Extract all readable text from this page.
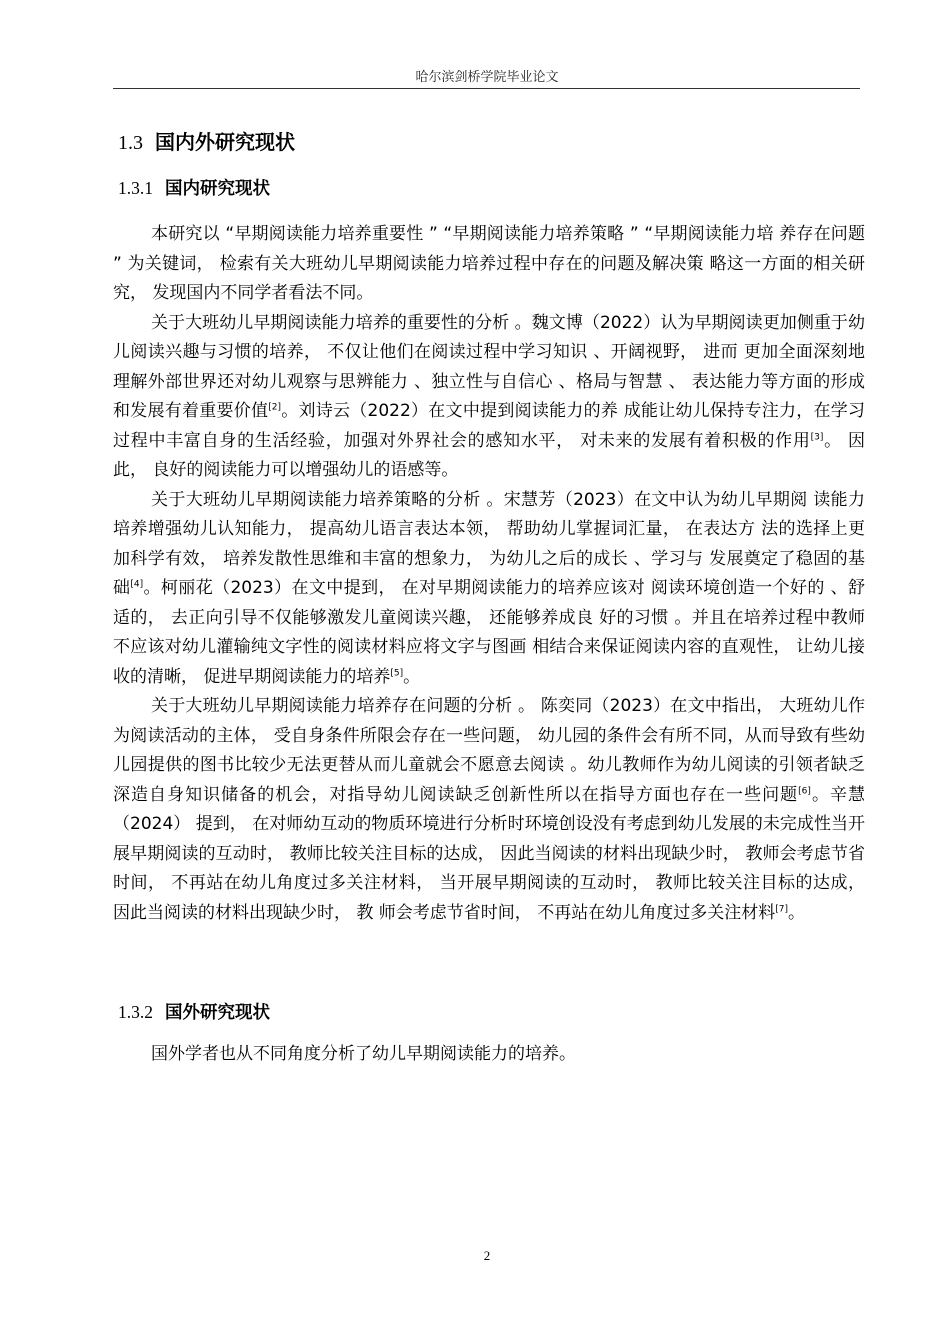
哈尔滨剑桥学院毕业论文
1.3 国内外研究现状
1.3.1 国内研究现状

本研究以 “早期阅读能力培养重要性 ” “早期阅读能力培养策略 ” “早期阅读能力培 养存在问题 ” 为关键词， 检索有关大班幼儿早期阅读能力培养过程中存在的问题及解决策 略这一方面的相关研究， 发现国内不同学者看法不同。

关于大班幼儿早期阅读能力培养的重要性的分析 。魏文博（2022）认为早期阅读更加侧重于幼儿阅读兴趣与习惯的培养， 不仅让他们在阅读过程中学习知识 、开阔视野， 进而 更加全面深刻地理解外部世界还对幼儿观察与思辨能力 、独立性与自信心 、格局与智慧 、 表达能力等方面的形成和发展有着重要价值[2]。刘诗云（2022）在文中提到阅读能力的养 成能让幼儿保持专注力，在学习过程中丰富自身的生活经验，加强对外界社会的感知水平， 对未来的发展有着积极的作用[3]。 因此， 良好的阅读能力可以增强幼儿的语感等。

关于大班幼儿早期阅读能力培养策略的分析 。宋慧芳（2023）在文中认为幼儿早期阅 读能力培养增强幼儿认知能力， 提高幼儿语言表达本领， 帮助幼儿掌握词汇量， 在表达方 法的选择上更加科学有效， 培养发散性思维和丰富的想象力， 为幼儿之后的成长 、学习与 发展奠定了稳固的基础[4]。柯丽花（2023）在文中提到， 在对早期阅读能力的培养应该对 阅读环境创造一个好的 、舒适的， 去正向引导不仅能够激发儿童阅读兴趣， 还能够养成良 好的习惯 。并且在培养过程中教师不应该对幼儿灌输纯文字性的阅读材料应将文字与图画 相结合来保证阅读内容的直观性， 让幼儿接收的清晰， 促进早期阅读能力的培养[5]。

关于大班幼儿早期阅读能力培养存在问题的分析 。 陈奕同（2023）在文中指出， 大班幼儿作为阅读活动的主体， 受自身条件所限会存在一些问题， 幼儿园的条件会有所不同，从而导致有些幼儿园提供的图书比较少无法更替从而儿童就会不愿意去阅读 。幼儿教师作为幼儿阅读的引领者缺乏深造自身知识储备的机会，对指导幼儿阅读缺乏创新性所以在指导方面也存在一些问题[6]。辛慧（2024） 提到， 在对师幼互动的物质环境进行分析时环境创设没有考虑到幼儿发展的未完成性当开展早期阅读的互动时， 教师比较关注目标的达成， 因此当阅读的材料出现缺少时， 教师会考虑节省时间， 不再站在幼儿角度过多关注材料， 当开展早期阅读的互动时， 教师比较关注目标的达成， 因此当阅读的材料出现缺少时， 教 师会考虑节省时间， 不再站在幼儿角度过多关注材料[7]。

1.3.2 国外研究现状

国外学者也从不同角度分析了幼儿早期阅读能力的培养。

2
